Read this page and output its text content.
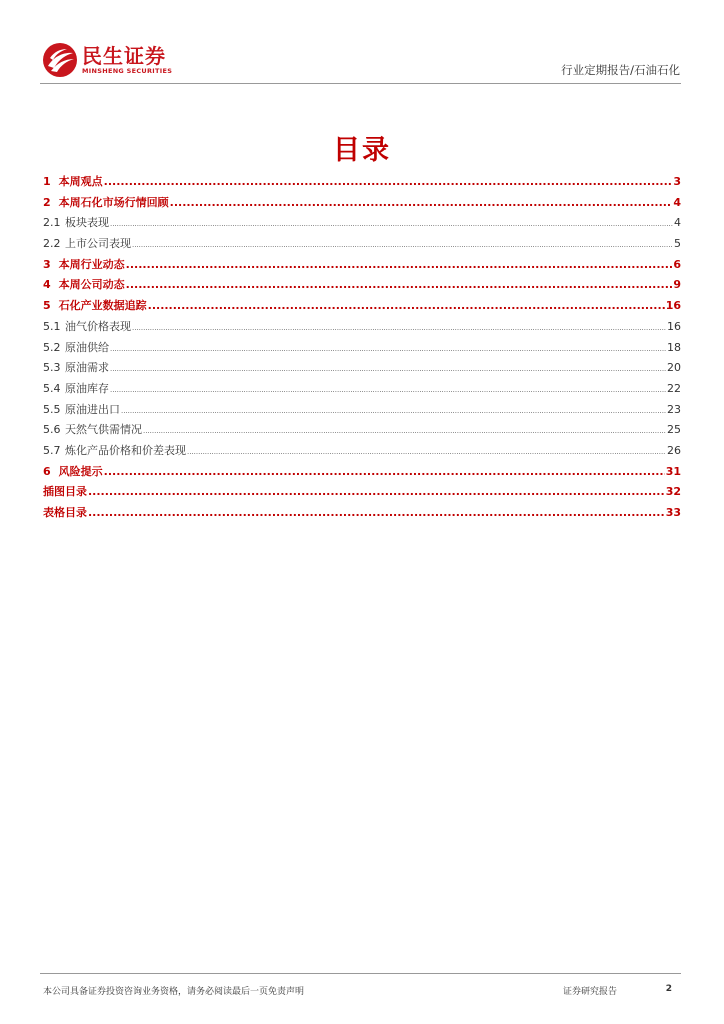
民生证券
MINSHENG SECURITIES	行业定期报告/石油石化
目录
1 本周观点 .....	3
2 本周石化市场行情回顾 .....	4
2.1 板块表现 .....	4
2.2 上市公司表现 .....	5
3 本周行业动态 .....	6
4 本周公司动态 .....	9
5 石化产业数据追踪 .....	16
5.1 油气价格表现 .....	16
5.2 原油供给 .....	18
5.3 原油需求 .....	20
5.4 原油库存 .....	22
5.5 原油进出口 .....	23
5.6 天然气供需情况 .....	25
5.7 炼化产品价格和价差表现 .....	26
6 风险提示 .....	31
插图目录 .....	32
表格目录 .....	33
本公司具备证券投资咨询业务资格，请务必阅读最后一页免责声明	证券研究报告	2
